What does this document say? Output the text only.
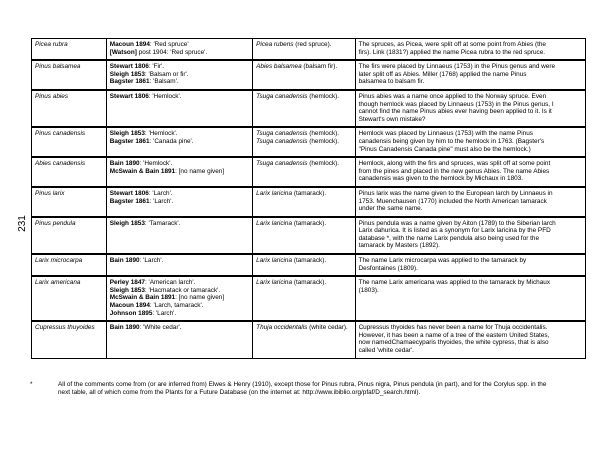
231
Picea rubra	Macoun 1894: 'Red spruce'
[Watson] post 1904: 'Red spruce'.	Picea rubens (red spruce).	The spruces, as Picea, were split off at some point from Abies (the
firs). Link (1831?) applied the name Picea rubra to the red spruce.

Pinus balsamea	Stewart 1806: 'Fir'.
Sleigh 1853: 'Balsam or fir'.
Bagster 1861: 'Balsam'.	Abies balsamea (balsam fir).	The firs were placed by Linnaeus (1753) in the Pinus genus and were
later split off as Abies. Miller (1768) applied the name Pinus
balsamea to balsam fir.

Pinus abies	Stewart 1806: 'Hemlock'.	Tsuga canadensis (hemlock).	Pinus abies was a name once applied to the Norway spruce. Even
though hemlock was placed by Linnaeus (1753) in the Pinus genus, I
cannot find the name Pinus abies ever having been applied to it. Is it
Stewart's own mistake?

Pinus canadensis	Sleigh 1853: 'Hemlock'.
Bagster 1861: 'Canada pine'.	Tsuga canadensis (hemlock).
Tsuga canadensis (hemlock).	Hemlock was placed by Linnaeus (1753) with the name Pinus
canadensis being given by him to the hemlock in 1763. (Bagster's
"Pinus Canadensis Canada pine" must also be the hemlock.)

Abies canadensis	Bain 1890: 'Hemlock'.
McSwain & Bain 1891: [no name given]	Tsuga canadensis (hemlock).	Hemlock, along with the firs and spruces, was split off at some point
from the pines and placed in the new genus Abies. The name Abies
canadensis was given to the hemlock by Michaux in 1803.

Pinus larix	Stewart 1806: 'Larch'.
Bagster 1861: 'Larch'.	Larix laricina (tamarack).	Pinus larix was the name given to the European larch by Linnaeus in
1753. Muenchausen (1770) included the North American tamarack
under the same name.

Pinus pendula	Sleigh 1853: 'Tamarack'.	Larix laricina (tamarack).	Pinus pendula was a name given by Aiton (1789) to the Siberian larch
Larix dahurica. It is listed as a synonym for Larix laricina by the PFD
database *, with the name Larix pendula also being used for the
tamarack by Masters (1892).

Larix microcarpa	Bain 1890: 'Larch'.	Larix laricina (tamarack).	The name Larix microcarpa was applied to the tamarack by
Desfontaines (1809).

Larix americana	Perley 1847: 'American larch'.
Sleigh 1853: 'Hacmatack or tamarack'.
McSwain & Bain 1891: [no name given]
Macoun 1894: 'Larch, tamarack'.
Johnson 1895: 'Larch'.	Larix laricina (tamarack).	The name Larix americana was applied to the tamarack by Michaux
(1803).

Cupressus thuyoides	Bain 1890: 'White cedar'.	Thuja occidentalis (white cedar).	Cupressus thyoides has never been a name for Thuja occidentalis.
However, it has been a name of a tree of the eastern United States,
now namedChamaecyparis thyoides, the white cypress, that is also
called 'white cedar'.
*	All of the comments come from (or are inferred from) Elwes & Henry (1910), except those for Pinus rubra, Pinus nigra, Pinus pendula (in part), and for the Corylus spp. in the
next table, all of which come from the Plants for a Future Database (on the internet at: http://www.ibiblio.org/pfaf/D_search.html).
